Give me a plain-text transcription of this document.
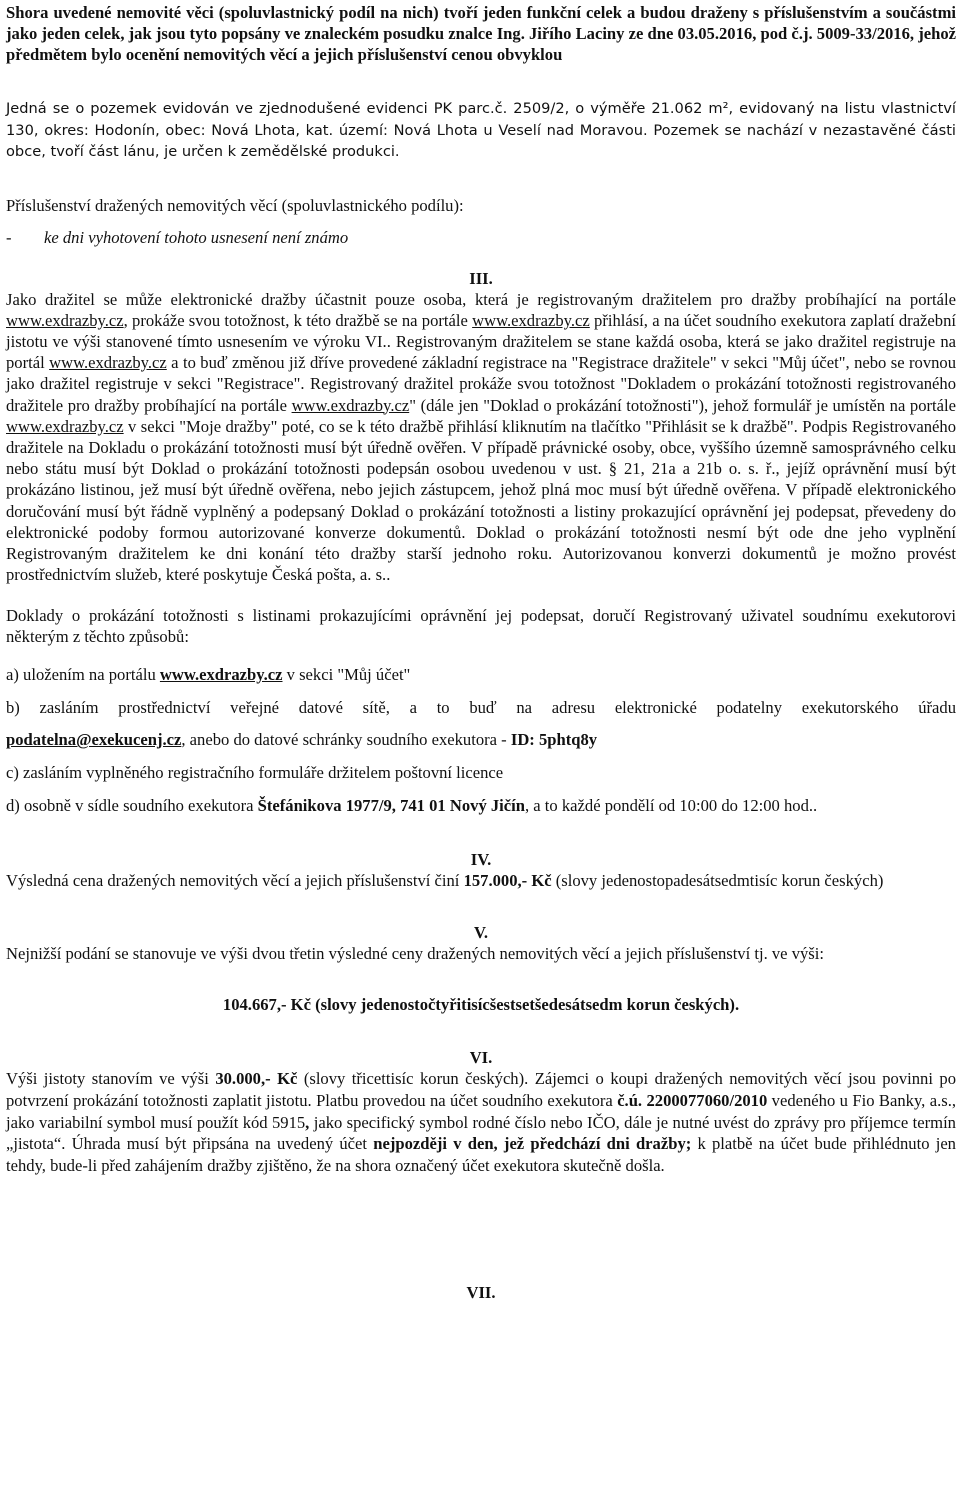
Shora uvedené nemovité věci (spoluvlastnický podíl na nich) tvoří jeden funkční celek a budou draženy s příslušenstvím a součástmi jako jeden celek, jak jsou tyto popsány ve znaleckém posudku znalce Ing. Jiřího Laciny ze dne 03.05.2016, pod č.j. 5009-33/2016, jehož předmětem bylo ocenění nemovitých věcí a jejich příslušenství cenou obvyklou

Jedná se o pozemek evidován ve zjednodušené evidenci PK parc.č. 2509/2, o výměře 21.062 m², evidovaný na listu vlastnictví 130, okres: Hodonín, obec: Nová Lhota, kat. území: Nová Lhota u Veselí nad Moravou. Pozemek se nachází v nezastavěné části obce, tvoří část lánu, je určen k zemědělské produkci.

Příslušenství dražených nemovitých věcí (spoluvlastnického podílu):

-	ke dni vyhotovení tohoto usnesení není známo

III.

Jako dražitel se může elektronické dražby účastnit pouze osoba, která je registrovaným dražitelem pro dražby probíhající na portále www.exdrazby.cz, prokáže svou totožnost, k této dražbě se na portále www.exdrazby.cz přihlásí, a na účet soudního exekutora zaplatí dražební jistotu ve výši stanovené tímto usnesením ve výroku VI.. Registrovaným dražitelem se stane každá osoba, která se jako dražitel registruje na portál www.exdrazby.cz a to buď změnou již dříve provedené základní registrace na "Registrace dražitele" v sekci "Můj účet", nebo se rovnou jako dražitel registruje v sekci "Registrace". Registrovaný dražitel prokáže svou totožnost "Dokladem o prokázání totožnosti registrovaného dražitele pro dražby probíhající na portále www.exdrazby.cz" (dále jen "Doklad o prokázání totožnosti"), jehož formulář je umístěn na portále www.exdrazby.cz v sekci "Moje dražby" poté, co se k této dražbě přihlásí kliknutím na tlačítko "Přihlásit se k dražbě". Podpis Registrovaného dražitele na Dokladu o prokázání totožnosti musí být úředně ověřen. V případě právnické osoby, obce, vyššího územně samosprávného celku nebo státu musí být Doklad o prokázání totožnosti podepsán osobou uvedenou v ust. § 21, 21a a 21b o. s. ř., jejíž oprávnění musí být prokázáno listinou, jež musí být úředně ověřena, nebo jejich zástupcem, jehož plná moc musí být úředně ověřena. V případě elektronického doručování musí být řádně vyplněný a podepsaný Doklad o prokázání totožnosti a listiny prokazující oprávnění jej podepsat, převedeny do elektronické podoby formou autorizované konverze dokumentů. Doklad o prokázání totožnosti nesmí být ode dne jeho vyplnění Registrovaným dražitelem ke dni konání této dražby starší jednoho roku. Autorizovanou konverzi dokumentů je možno provést prostřednictvím služeb, které poskytuje Česká pošta, a. s..

Doklady o prokázání totožnosti s listinami prokazujícími oprávnění jej podepsat, doručí Registrovaný uživatel soudnímu exekutorovi některým z těchto způsobů:

a) uložením na portálu www.exdrazby.cz v sekci "Můj účet"

b) zasláním prostřednictví veřejné datové sítě, a to buď na adresu elektronické podatelny exekutorského úřadu

podatelna@exekucenj.cz, anebo do datové schránky soudního exekutora - ID: 5phtq8y

c) zasláním vyplněného registračního formuláře držitelem poštovní licence

d) osobně v sídle soudního exekutora Štefánikova 1977/9, 741 01 Nový Jičín, a to každé pondělí od 10:00 do 12:00 hod..

IV.

Výsledná cena dražených nemovitých věcí a jejich příslušenství činí 157.000,- Kč (slovy jedenostopadesátsedmtisíc korun českých)

V.

Nejnižší podání se stanovuje ve výši dvou třetin výsledné ceny dražených nemovitých věcí a jejich příslušenství tj. ve výši:

104.667,- Kč (slovy jedenostočtyřitisícšestsetšedesátsedm korun českých).

VI.

Výši jistoty stanovím ve výši 30.000,- Kč (slovy třicettisíc korun českých). Zájemci o koupi dražených nemovitých věcí jsou povinni po potvrzení prokázání totožnosti zaplatit jistotu. Platbu provedou na účet soudního exekutora č.ú. 2200077060/2010 vedeného u Fio Banky, a.s., jako variabilní symbol musí použít kód 5915, jako specifický symbol rodné číslo nebo IČO, dále je nutné uvést do zprávy pro příjemce termín „jistota“. Úhrada musí být připsána na uvedený účet nejpozději v den, jež předchází dni dražby; k platbě na účet bude přihlédnuto jen tehdy, bude-li před zahájením dražby zjištěno, že na shora označený účet exekutora skutečně došla.

VII.
